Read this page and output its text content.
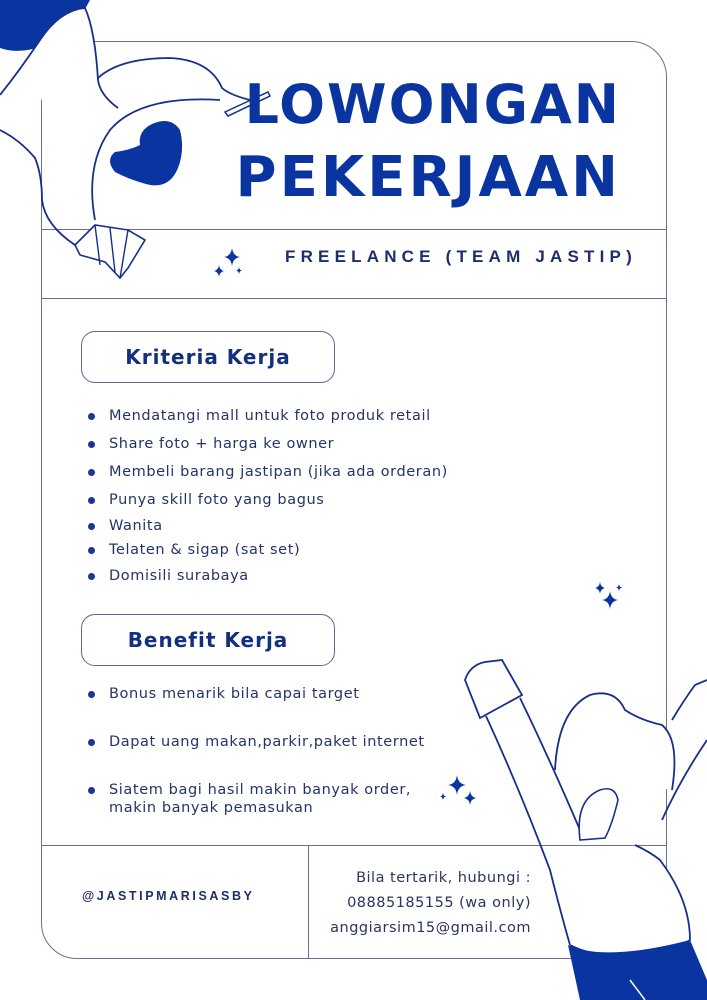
LOWONGAN
PEKERJAAN
FREELANCE (TEAM JASTIP)
Kriteria Kerja
Mendatangi mall untuk foto produk retail
Share foto + harga ke owner
Membeli barang jastipan (jika ada orderan)
Punya skill foto yang bagus
Wanita
Telaten & sigap (sat set)
Domisili surabaya
Benefit Kerja
Bonus menarik bila capai target
Dapat uang makan,parkir,paket internet
Siatem bagi hasil makin banyak order,
makin banyak pemasukan
@JASTIPMARISASBY
Bila tertarik, hubungi :
08885185155 (wa only)
anggiarsim15@gmail.com
